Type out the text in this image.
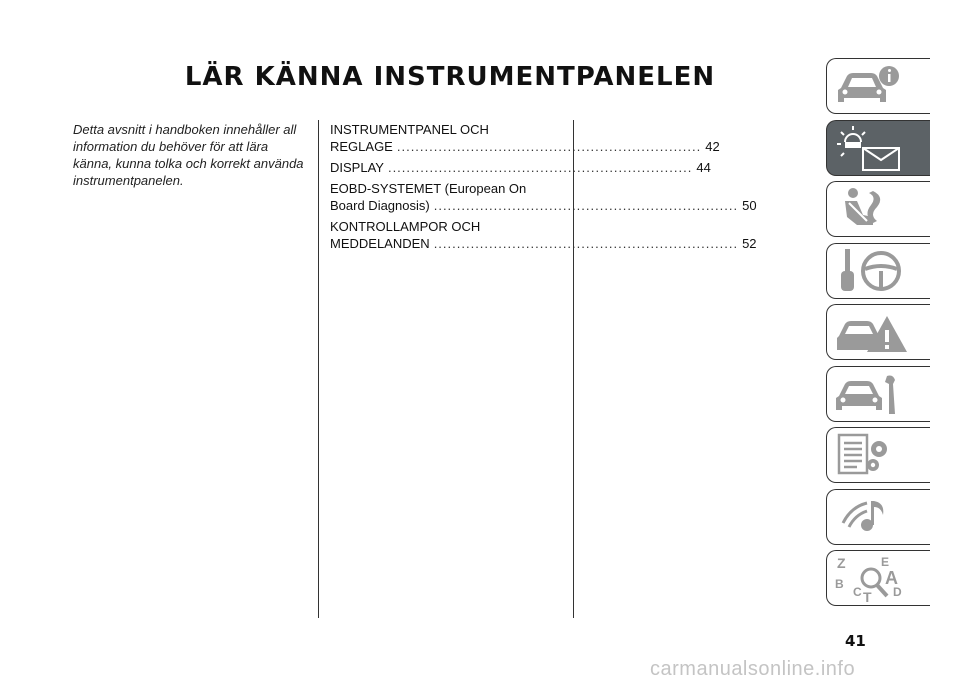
LÄR KÄNNA INSTRUMENTPANELEN
Detta avsnitt i handboken innehåller all information du behöver för att lära känna, kunna tolka och korrekt använda instrumentpanelen.
INSTRUMENTPANEL OCH
REGLAGE .................................................................. 42
DISPLAY .................................................................. 44
EOBD-SYSTEMET (European On
Board Diagnosis) .................................................................. 50
KONTROLLAMPOR OCH
MEDDELANDEN .................................................................. 52
Z	E
A
B
C	D
T
41
carmanualsonline.info
